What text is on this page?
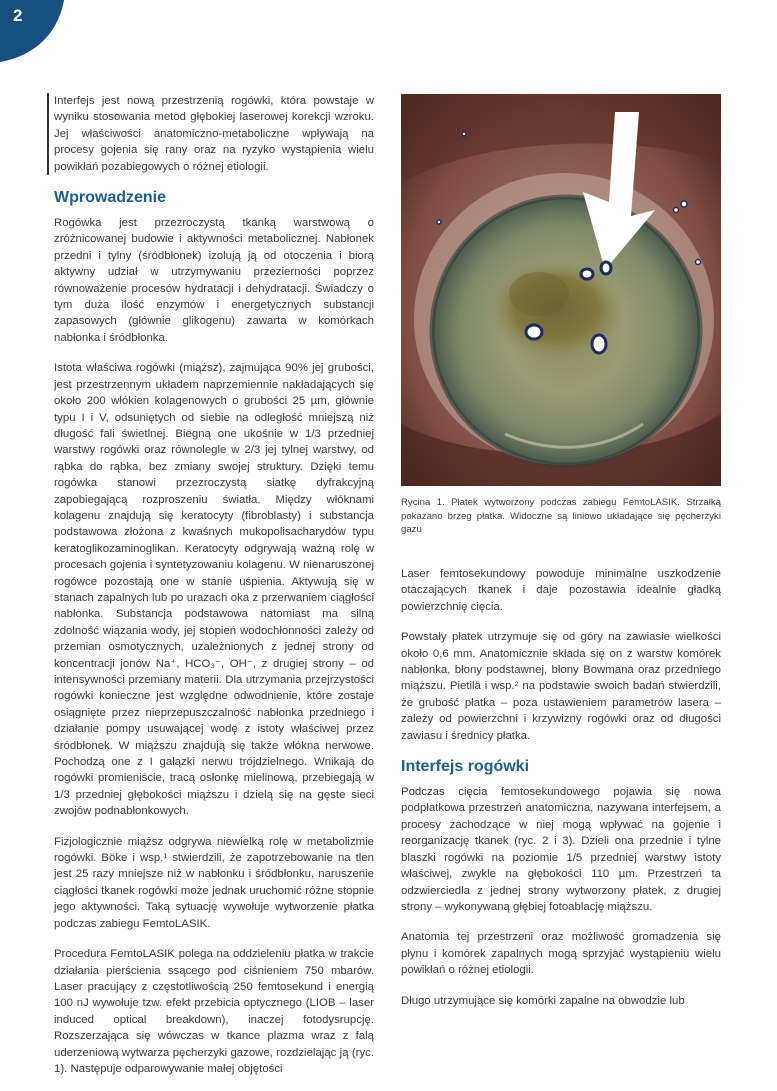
2

Interfejs jest nową przestrzenią rogówki, która powstaje w wyniku stosowania metod głębokiej laserowej korekcji wzroku. Jej właściwości anatomiczno-metaboliczne wpływają na procesy gojenia się rany oraz na ryzyko wystąpienia wielu powikłań pozabiegowych o różnej etiologii.

Wprowadzenie

Rogówka jest przezroczystą tkanką warstwową o zróżnicowanej budowie i aktywności metabolicznej. Nabłonek przedni i tylny (śródbłonek) izolują ją od otoczenia i biorą aktywny udział w utrzymywaniu przezierności poprzez równoważenie procesów hydratacji i dehydratacji. Świadczy o tym duża ilość enzymów i energetycznych substancji zapasowych (głównie glikogenu) zawarta w komórkach nabłonka i śródbłonka.

Istota właściwa rogówki (miąższ), zajmująca 90% jej grubości, jest przestrzennym układem naprzemiennie nakładających się około 200 włókien kolagenowych o grubości 25 µm, głównie typu I i V, odsuniętych od siebie na odległość mniejszą niż długość fali świetlnej. Biegną one ukośnie w 1/3 przedniej warstwy rogówki oraz równolegle w 2/3 jej tylnej warstwy, od rąbka do rąbka, bez zmiany swojej struktury. Dzięki temu rogówka stanowi przezroczystą siatkę dyfrakcyjną zapobiegającą rozproszeniu światła. Między włóknami kolagenu znajdują się keratocyty (fibroblasty) i substancja podstawowa złożona z kwaśnych mukopolisacharydów typu keratoglikozaminoglikan. Keratocyty odgrywają ważną rolę w procesach gojenia i syntetyzowaniu kolagenu. W nienaruszonej rogówce pozostają one w stanie uśpienia. Aktywują się w stanach zapalnych lub po urazach oka z przerwaniem ciągłości nabłonka. Substancja podstawowa natomiast ma silną zdolność wiązania wody, jej stopień wodochłonności zależy od przemian osmotycznych, uzależnionych z jednej strony od koncentracji jonów Na⁺, HCO₃⁻, OH⁻, z drugiej strony – od intensywności przemiany materii. Dla utrzymania przejrzystości rogówki konieczne jest względne odwodnienie, które zostaje osiągnięte przez nieprzepuszczalność nabłonka przedniego i działanie pompy usuwającej wodę z istoty właściwej przez śródbłonek. W miąższu znajdują się także włókna nerwowe. Pochodzą one z I gałązki nerwu trójdzielnego. Wnikają do rogówki promieniście, tracą osłonkę mielinową, przebiegają w 1/3 przedniej głębokości miąższu i dzielą się na gęste sieci zwojów podnabłonkowych.

Fizjologicznie miąższ odgrywa niewielką rolę w metabolizmie rogówki. Böke i wsp.¹ stwierdzili, że zapotrzebowanie na tlen jest 25 razy mniejsze niż w nabłonku i śródbłonku, naruszenie ciągłości tkanek rogówki może jednak uruchomić różne stopnie jego aktywności. Taką sytuację wywołuje wytworzenie płatka podczas zabiegu FemtoLASIK.

Procedura FemtoLASIK polega na oddzieleniu płatka w trakcie działania pierścienia ssącego pod ciśnieniem 750 mbarów. Laser pracujący z częstotliwością 250 femtosekund i energią 100 nJ wywołuje tzw. efekt przebicia optycznego (LIOB – laser induced optical breakdown), inaczej fotodysrupcję. Rozszerzająca się wówczas w tkance plazma wraz z falą uderzeniową wytwarza pęcherzyki gazowe, rozdzielając ją (ryc. 1). Następuje odparowywanie małej objętości

Rycina 1. Płatek wytworzony podczas zabiegu FemtoLASIK. Strzałką pokazano brzeg płatka. Widoczne są liniowo układające się pęcherzyki gazu

Laser femtosekundowy powoduje minimalne uszkodzenie otaczających tkanek i daje pozostawia idealnie gładką powierzchnię cięcia.

Powstały płatek utrzymuje się od góry na zawiasie wielkości około 0,6 mm. Anatomicznie składa się on z warstw komórek nabłonka, błony podstawnej, błony Bowmana oraz przedniego miąższu. Pietilä i wsp.² na podstawie swoich badań stwierdzili, że grubość płatka – poza ustawieniem parametrów lasera – zależy od powierzchni i krzywizny rogówki oraz od długości zawiasu i średnicy płatka.

Interfejs rogówki

Podczas cięcia femtosekundowego pojawia się nowa podpłatkowa przestrzeń anatomiczna, nazywana interfejsem, a procesy zachodzące w niej mogą wpływać na gojenie i reorganizację tkanek (ryc. 2 i 3). Dzieli ona przednie i tylne blaszki rogówki na poziomie 1/5 przedniej warstwy istoty właściwej, zwykle na głębokości 110 µm. Przestrzeń ta odzwierciedla z jednej strony wytworzony płatek, z drugiej strony – wykonywaną głębiej fotoablację miąższu.

Anatomia tej przestrzeni oraz możliwość gromadzenia się płynu i komórek zapalnych mogą sprzyjać wystąpieniu wielu powikłań o różnej etiologii.

Długo utrzymujące się komórki zapalne na obwodzie lub
